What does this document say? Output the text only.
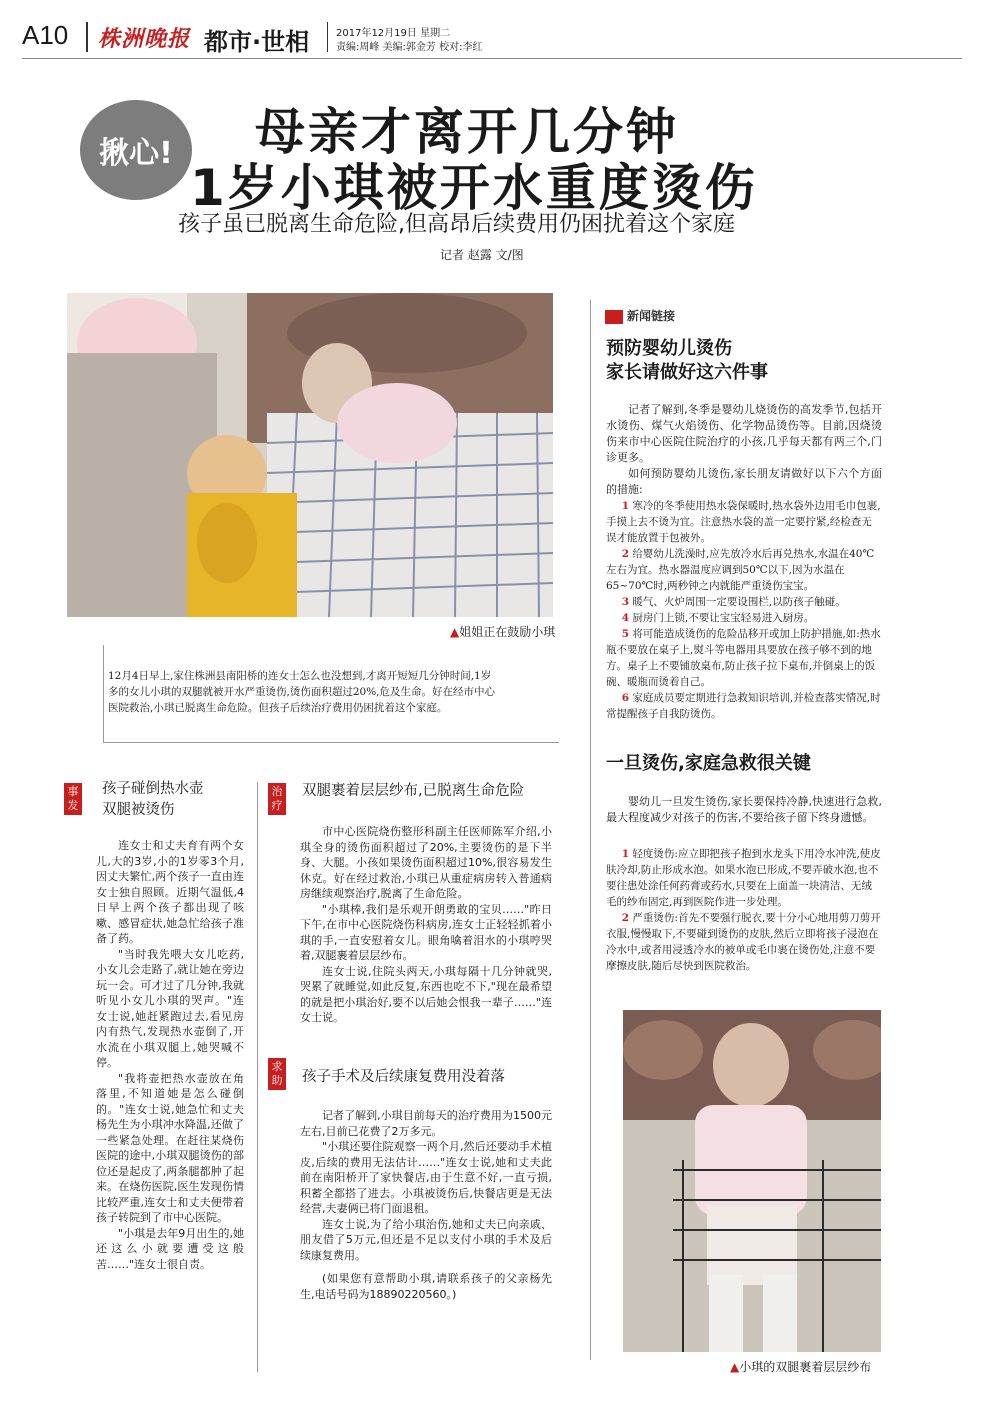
A10 株洲晚报 都市·世相	2017年12月19日 星期二
责编:周峰 美编:郭金芳 校对:李红
揪心!	母亲才离开几分钟
1岁小琪被开水重度烫伤
孩子虽已脱离生命危险,但高昂后续费用仍困扰着这个家庭
记者 赵露 文/图
▲姐姐正在鼓励小琪
12月4日早上,家住株洲县南阳桥的连女士怎么也没想到,才离开短短几分钟时间,1岁多的女儿小琪的双腿就被开水严重烫伤,烫伤面积超过20%,危及生命。好在经市中心医院救治,小琪已脱离生命危险。但孩子后续治疗费用仍困扰着这个家庭。
事发
孩子碰倒热水壶
双腿被烫伤

连女士和丈夫育有两个女儿,大的3岁,小的1岁零3个月,因丈夫繁忙,两个孩子一直由连女士独自照顾。近期气温低,4日早上两个孩子都出现了咳嗽、感冒症状,她急忙给孩子准备了药。

"当时我先喂大女儿吃药,小女儿会走路了,就让她在旁边玩一会。可才过了几分钟,我就听见小女儿小琪的哭声。"连女士说,她赶紧跑过去,看见房内有热气,发现热水壶倒了,开水流在小琪双腿上,她哭喊不停。

"我将壶把热水壶放在角落里,不知道她是怎么碰倒的。"连女士说,她急忙和丈夫杨先生为小琪冲水降温,还做了一些紧急处理。在赶往某烧伤医院的途中,小琪双腿烫伤的部位还是起皮了,两条腿都肿了起来。在烧伤医院,医生发现伤情比较严重,连女士和丈夫便带着孩子转院到了市中心医院。

"小琪是去年9月出生的,她还这么小就要遭受这般苦……"连女士很自责。

治疗
双腿裹着层层纱布,已脱离生命危险

市中心医院烧伤整形科副主任医师陈军介绍,小琪全身的烫伤面积超过了20%,主要烫伤的是下半身、大腿。小孩如果烫伤面积超过10%,很容易发生休克。好在经过救治,小琪已从重症病房转入普通病房继续观察治疗,脱离了生命危险。

"小琪棒,我们是乐观开朗勇敢的宝贝……"昨日下午,在市中心医院烧伤科病房,连女士正轻轻抓着小琪的手,一直安慰着女儿。眼角噙着泪水的小琪哼哭着,双腿裹着层层纱布。

连女士说,住院头两天,小琪每隔十几分钟就哭,哭累了就睡觉,如此反复,东西也吃不下,"现在最希望的就是把小琪治好,要不以后她会恨我一辈子……"连女士说。

求助 孩子手术及后续康复费用没着落

记者了解到,小琪目前每天的治疗费用为1500元左右,目前已花费了2万多元。

"小琪还要住院观察一两个月,然后还要动手术植皮,后续的费用无法估计……"连女士说,她和丈夫此前在南阳桥开了家快餐店,由于生意不好,一直亏损,积蓄全都搭了进去。小琪被烫伤后,快餐店更是无法经营,夫妻俩已将门面退租。

连女士说,为了给小琪治伤,她和丈夫已向亲戚、朋友借了5万元,但还是不足以支付小琪的手术及后续康复费用。

(如果您有意帮助小琪,请联系孩子的父亲杨先生,电话号码为18890220560。)

新闻链接
预防婴幼儿烫伤
家长请做好这六件事

记者了解到,冬季是婴幼儿烧烫伤的高发季节,包括开水烫伤、煤气火焰烫伤、化学物品烫伤等。目前,因烧烫伤来市中心医院住院治疗的小孩,几乎每天都有两三个,门诊更多。

如何预防婴幼儿烫伤,家长朋友请做好以下六个方面的措施:

1 寒冷的冬季使用热水袋保暖时,热水袋外边用毛巾包裹,手摸上去不烫为宜。注意热水袋的盖一定要拧紧,经检查无误才能放置于包被外。

2 给婴幼儿洗澡时,应先放冷水后再兑热水,水温在40℃左右为宜。热水器温度应调到50℃以下,因为水温在65~70℃时,两秒钟之内就能严重烫伤宝宝。

3 暖气、火炉周围一定要设围栏,以防孩子触碰。

4 厨房门上锁,不要让宝宝轻易进入厨房。

5 将可能造成烫伤的危险品移开或加上防护措施,如:热水瓶不要放在桌子上,熨斗等电器用具要放在孩子够不到的地方。桌子上不要铺放桌布,防止孩子拉下桌布,并倒桌上的饭碗、暖瓶而烫着自己。

6 家庭成员要定期进行急救知识培训,并检查落实情况,时常提醒孩子自我防烫伤。

一旦烫伤,家庭急救很关键

婴幼儿一旦发生烫伤,家长要保持冷静,快速进行急救,最大程度减少对孩子的伤害,不要给孩子留下终身遗憾。

1 轻度烫伤:应立即把孩子抱到水龙头下用冷水冲洗,使皮肤冷却,防止形成水泡。如果水泡已形成,不要弄破水泡,也不要往患处涂任何药膏或药水,只要在上面盖一块清洁、无绒毛的纱布固定,再到医院作进一步处理。

2 严重烫伤:首先不要强行脱衣,要十分小心地用剪刀剪开衣服,慢慢取下,不要碰到烫伤的皮肤,然后立即将孩子浸泡在冷水中,或者用浸透冷水的被单或毛巾裹在烫伤处,注意不要摩擦皮肤,随后尽快到医院救治。

▲小琪的双腿裹着层层纱布
